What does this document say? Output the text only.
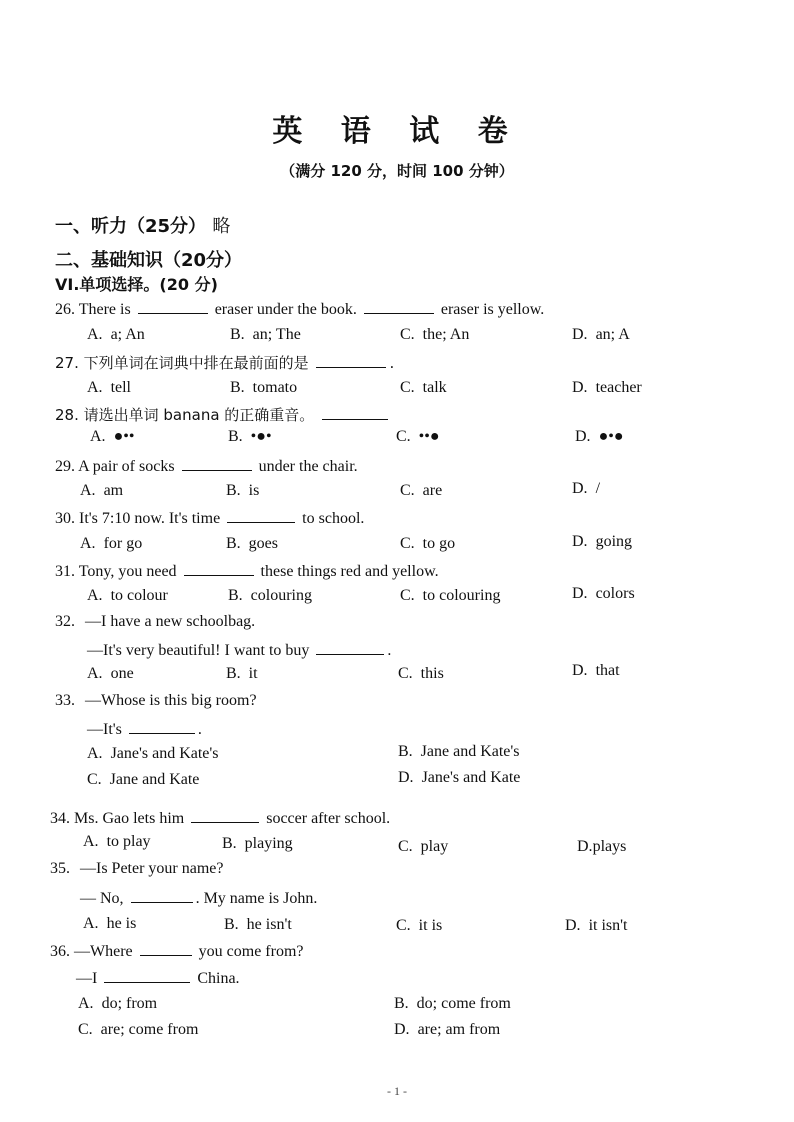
英 语 试 卷
（满分 120 分，时间 100 分钟）
一、听力（25分） 略
二、基础知识（20分）
VI.单项选择。(20 分)
26. There is	eraser under the book.	eraser is yellow.
A. a; An	B. an; The	C. the; An	D. an; A
27. 下列单词在词典中排在最前面的是	.
A. tell	B. tomato	C. talk	D. teacher
28. 请选出单词 banana 的正确重音。
A. ●••	B. •●•	C. ••●	D. ●•●
29. A pair of socks	under the chair.
A. am	B. is	C. are	D. /
30. It's 7:10 now. It's time	to school.
A. for go	B. goes	C. to go	D. going
31. Tony, you need	these things red and yellow.
A. to colour	B. colouring	C. to colouring	D. colors
32. —I have a new schoolbag.
—It's very beautiful! I want to buy	.
A. one	B. it	C. this	D. that
33. —Whose is this big room?
—It's	.
A. Jane's and Kate's	B. Jane and Kate's
C. Jane and Kate	D. Jane's and Kate
34. Ms. Gao lets him	soccer after school.
A. to play	B. playing	C. play	D.plays
35. —Is Peter your name?
— No,	. My name is John.
A. he is	B. he isn't	C. it is	D. it isn't
36. —Where	you come from?
—I	China.
A. do; from	B. do; come from
C. are; come from	D. are; am from
- 1 -
